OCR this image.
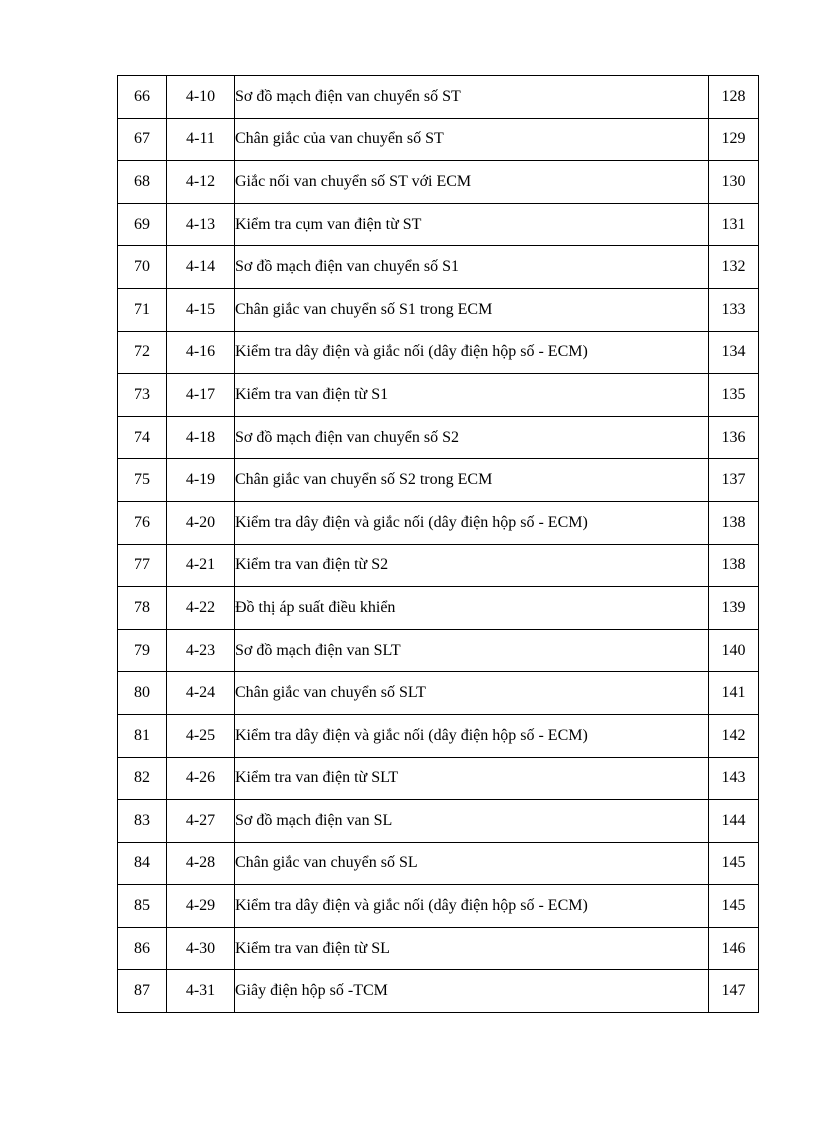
66	4-10	Sơ đồ mạch điện van chuyển số ST	128
67	4-11	Chân giắc của van chuyển số ST	129
68	4-12	Giắc nối van chuyển số ST với ECM	130
69	4-13	Kiểm tra cụm van điện từ ST	131
70	4-14	Sơ đồ mạch điện van chuyển số S1	132
71	4-15	Chân giắc van chuyển số S1 trong ECM	133
72	4-16	Kiểm tra dây điện và giắc nối (dây điện hộp số - ECM)	134
73	4-17	Kiểm tra van điện từ S1	135
74	4-18	Sơ đồ mạch điện van chuyển số S2	136
75	4-19	Chân giắc van chuyển số S2 trong ECM	137
76	4-20	Kiểm tra dây điện và giắc nối (dây điện hộp số - ECM)	138
77	4-21	Kiểm tra van điện từ S2	138
78	4-22	Đồ thị áp suất điều khiển	139
79	4-23	Sơ đồ mạch điện van SLT	140
80	4-24	Chân giắc van chuyển số SLT	141
81	4-25	Kiểm tra dây điện và giắc nối (dây điện hộp số - ECM)	142
82	4-26	Kiểm tra van điện từ SLT	143
83	4-27	Sơ đồ mạch điện van SL	144
84	4-28	Chân giắc van chuyển số SL	145
85	4-29	Kiểm tra dây điện và giắc nối (dây điện hộp số - ECM)	145
86	4-30	Kiểm tra van điện từ SL	146
87	4-31	Giây điện hộp số -TCM	147
